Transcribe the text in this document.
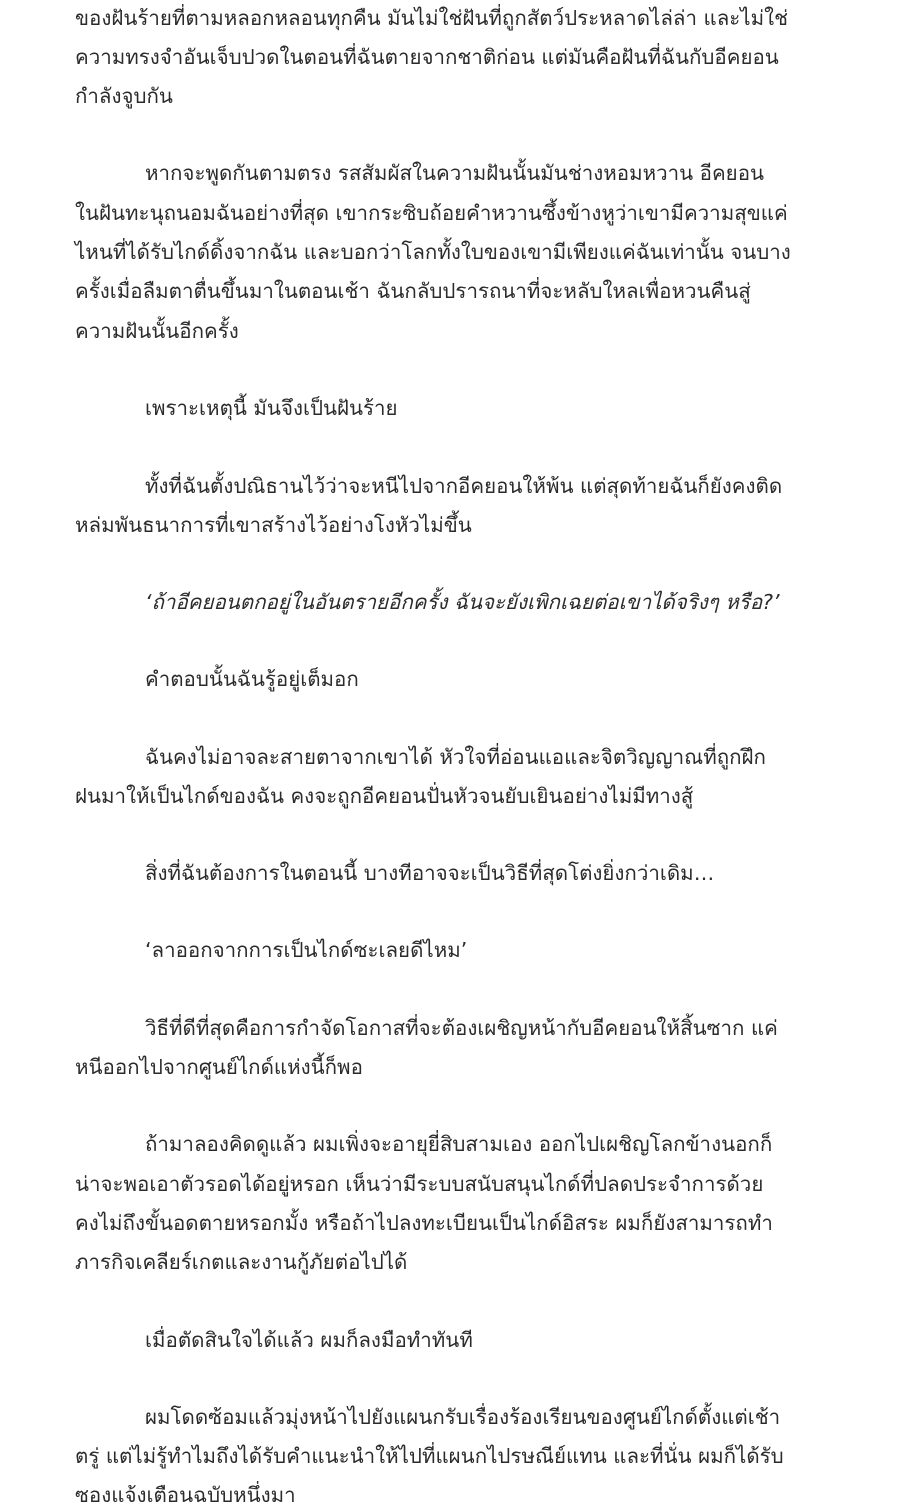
ของฝันร้ายที่ตามหลอกหลอนทุกคืน มันไม่ใช่ฝันที่ถูกสัตว์ประหลาดไล่ล่า และไม่ใช่
ความทรงจำอันเจ็บปวดในตอนที่ฉันตายจากชาติก่อน แต่มันคือฝันที่ฉันกับอีคยอน
กำลังจูบกัน
หากจะพูดกันตามตรง รสสัมผัสในความฝันนั้นมันช่างหอมหวาน อีคยอน
ในฝันทะนุถนอมฉันอย่างที่สุด เขากระซิบถ้อยคำหวานซึ้งข้างหูว่าเขามีความสุขแค่
ไหนที่ได้รับไกด์ดิ้งจากฉัน และบอกว่าโลกทั้งใบของเขามีเพียงแค่ฉันเท่านั้น จนบาง
ครั้งเมื่อลืมตาตื่นขึ้นมาในตอนเช้า ฉันกลับปรารถนาที่จะหลับใหลเพื่อหวนคืนสู่
ความฝันนั้นอีกครั้ง
เพราะเหตุนี้ มันจึงเป็นฝันร้าย
ทั้งที่ฉันตั้งปณิธานไว้ว่าจะหนีไปจากอีคยอนให้พ้น แต่สุดท้ายฉันก็ยังคงติด
หล่มพันธนาการที่เขาสร้างไว้อย่างโงหัวไม่ขึ้น
‘ถ้าอีคยอนตกอยู่ในอันตรายอีกครั้ง ฉันจะยังเพิกเฉยต่อเขาได้จริงๆ หรือ?’
คำตอบนั้นฉันรู้อยู่เต็มอก
ฉันคงไม่อาจละสายตาจากเขาได้ หัวใจที่อ่อนแอและจิตวิญญาณที่ถูกฝึก
ฝนมาให้เป็นไกด์ของฉัน คงจะถูกอีคยอนปั่นหัวจนยับเยินอย่างไม่มีทางสู้
สิ่งที่ฉันต้องการในตอนนี้ บางทีอาจจะเป็นวิธีที่สุดโต่งยิ่งกว่าเดิม…
‘ลาออกจากการเป็นไกด์ซะเลยดีไหม’
วิธีที่ดีที่สุดคือการกำจัดโอกาสที่จะต้องเผชิญหน้ากับอีคยอนให้สิ้นซาก แค่
หนีออกไปจากศูนย์ไกด์แห่งนี้ก็พอ
ถ้ามาลองคิดดูแล้ว ผมเพิ่งจะอายุยี่สิบสามเอง ออกไปเผชิญโลกข้างนอกก็
น่าจะพอเอาตัวรอดได้อยู่หรอก เห็นว่ามีระบบสนับสนุนไกด์ที่ปลดประจำการด้วย
คงไม่ถึงขั้นอดตายหรอกมั้ง หรือถ้าไปลงทะเบียนเป็นไกด์อิสระ ผมก็ยังสามารถทำ
ภารกิจเคลียร์เกตและงานกู้ภัยต่อไปได้
เมื่อตัดสินใจได้แล้ว ผมก็ลงมือทำทันที
ผมโดดซ้อมแล้วมุ่งหน้าไปยังแผนกรับเรื่องร้องเรียนของศูนย์ไกด์ตั้งแต่เช้า
ตรู่ แต่ไม่รู้ทำไมถึงได้รับคำแนะนำให้ไปที่แผนกไปรษณีย์แทน และที่นั่น ผมก็ได้รับ
ซองแจ้งเตือนฉบับหนึ่งมา
